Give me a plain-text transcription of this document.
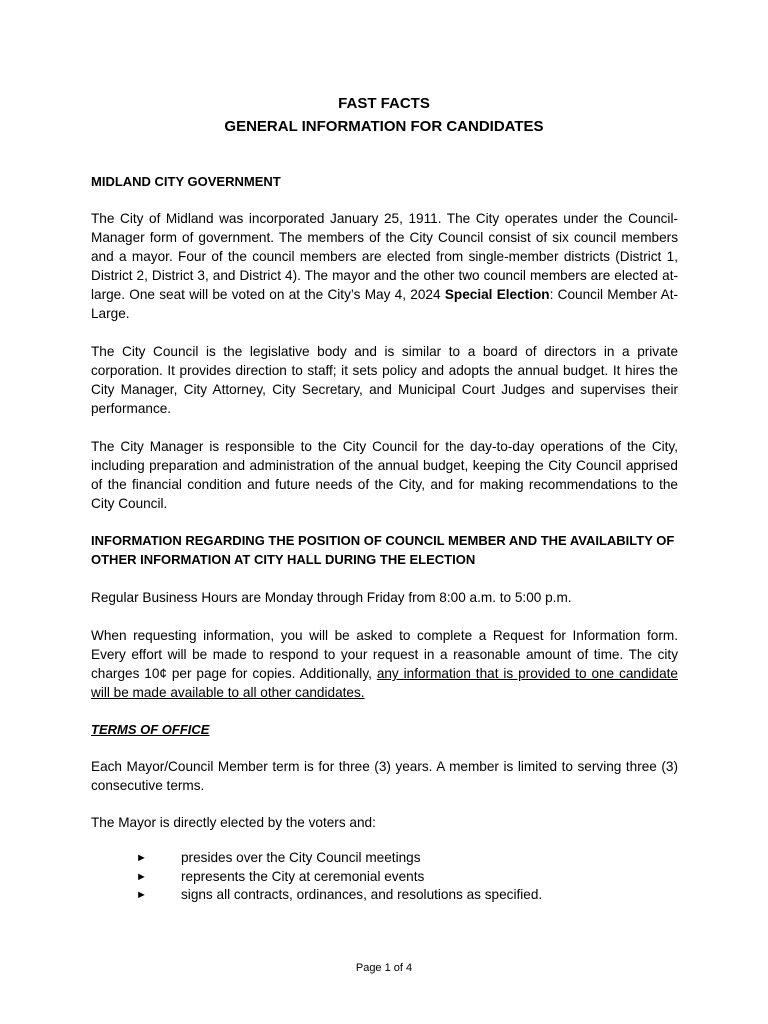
FAST FACTS
GENERAL INFORMATION FOR CANDIDATES
MIDLAND CITY GOVERNMENT
The City of Midland was incorporated January 25, 1911. The City operates under the Council-Manager form of government. The members of the City Council consist of six council members and a mayor. Four of the council members are elected from single-member districts (District 1, District 2, District 3, and District 4). The mayor and the other two council members are elected at-large. One seat will be voted on at the City’s May 4, 2024 Special Election: Council Member At-Large.
The City Council is the legislative body and is similar to a board of directors in a private corporation. It provides direction to staff; it sets policy and adopts the annual budget. It hires the City Manager, City Attorney, City Secretary, and Municipal Court Judges and supervises their performance.
The City Manager is responsible to the City Council for the day-to-day operations of the City, including preparation and administration of the annual budget, keeping the City Council apprised of the financial condition and future needs of the City, and for making recommendations to the City Council.
INFORMATION REGARDING THE POSITION OF COUNCIL MEMBER AND THE AVAILABILTY OF OTHER INFORMATION AT CITY HALL DURING THE ELECTION
Regular Business Hours are Monday through Friday from 8:00 a.m. to 5:00 p.m.
When requesting information, you will be asked to complete a Request for Information form. Every effort will be made to respond to your request in a reasonable amount of time. The city charges 10¢ per page for copies. Additionally, any information that is provided to one candidate will be made available to all other candidates.
TERMS OF OFFICE
Each Mayor/Council Member term is for three (3) years. A member is limited to serving three (3) consecutive terms.
The Mayor is directly elected by the voters and:
►	presides over the City Council meetings
►	represents the City at ceremonial events
►	signs all contracts, ordinances, and resolutions as specified.
Page 1 of 4
